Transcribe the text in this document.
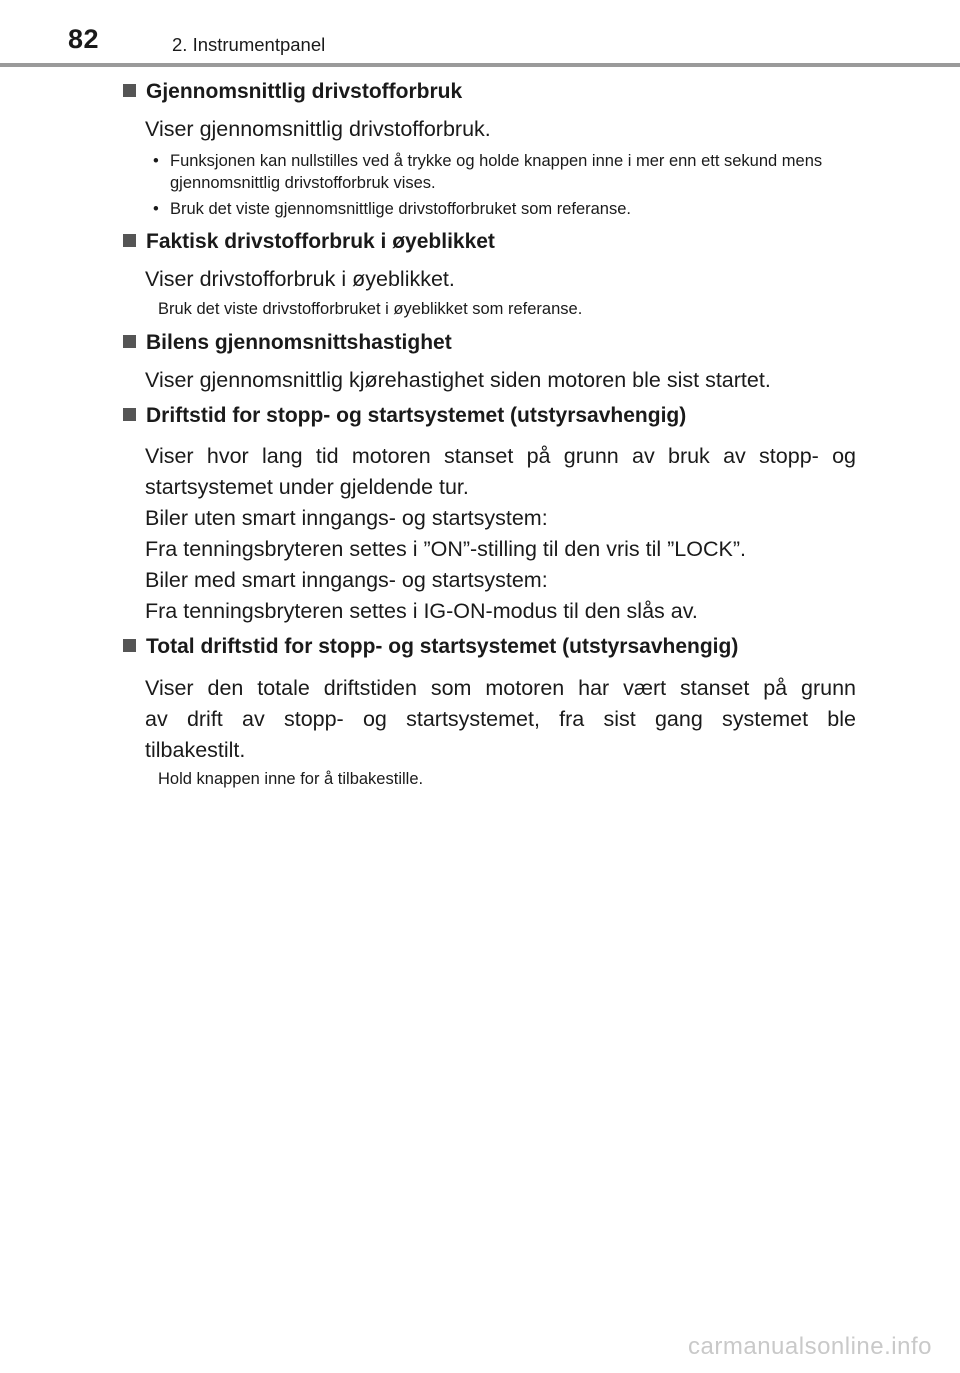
82	2. Instrumentpanel
Gjennomsnittlig drivstofforbruk
Viser gjennomsnittlig drivstofforbruk.
• Funksjonen kan nullstilles ved å trykke og holde knappen inne i mer enn ett sekund mens gjennomsnittlig drivstofforbruk vises.
• Bruk det viste gjennomsnittlige drivstofforbruket som referanse.
Faktisk drivstofforbruk i øyeblikket
Viser drivstofforbruk i øyeblikket.
Bruk det viste drivstofforbruket i øyeblikket som referanse.
Bilens gjennomsnittshastighet
Viser gjennomsnittlig kjørehastighet siden motoren ble sist startet.
Driftstid for stopp- og startsystemet (utstyrsavhengig)
Viser hvor lang tid motoren stanset på grunn av bruk av stopp- og
startsystemet under gjeldende tur.
Biler uten smart inngangs- og startsystem:
Fra tenningsbryteren settes i ”ON”-stilling til den vris til ”LOCK”.
Biler med smart inngangs- og startsystem:
Fra tenningsbryteren settes i IG-ON-modus til den slås av.
Total driftstid for stopp- og startsystemet (utstyrsavhengig)
Viser den totale driftstiden som motoren har vært stanset på grunn
av drift av stopp- og startsystemet, fra sist gang systemet ble
tilbakestilt.
Hold knappen inne for å tilbakestille.
carmanualsonline.info
